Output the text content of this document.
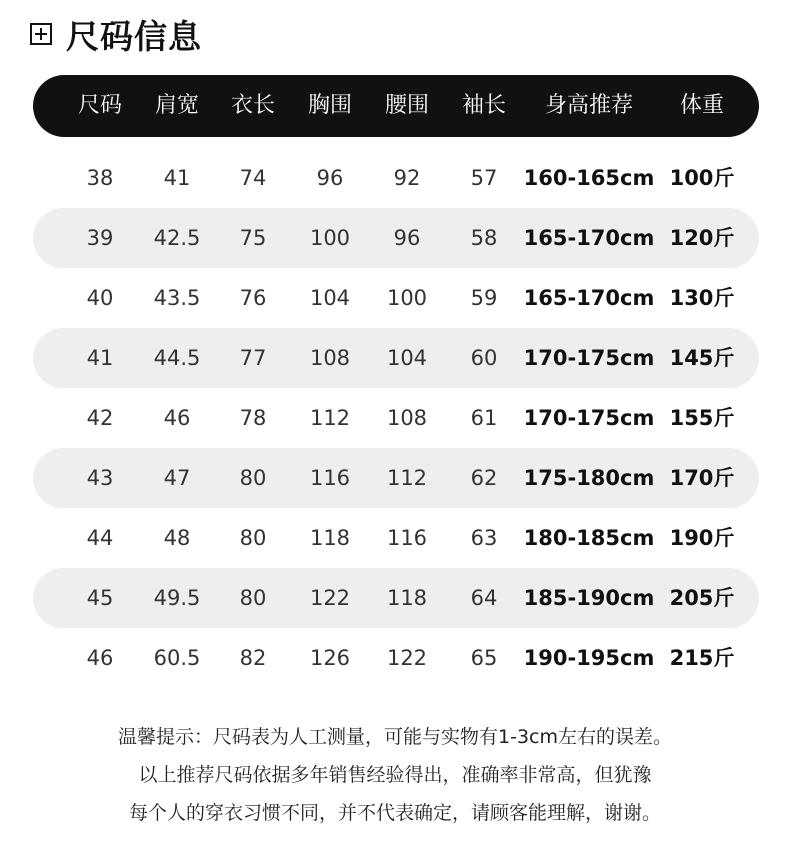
尺码信息
尺码 肩宽 衣长 胸围 腰围 袖长 身高推荐 体重
38 41 74 96 92 57 160-165cm 100斤
39 42.5 75 100 96 58 165-170cm 120斤
40 43.5 76 104 100 59 165-170cm 130斤
41 44.5 77 108 104 60 170-175cm 145斤
42 46 78 112 108 61 170-175cm 155斤
43 47 80 116 112 62 175-180cm 170斤
44 48 80 118 116 63 180-185cm 190斤
45 49.5 80 122 118 64 185-190cm 205斤
46 60.5 82 126 122 65 190-195cm 215斤
温馨提示：尺码表为人工测量，可能与实物有1-3cm左右的误差。
以上推荐尺码依据多年销售经验得出，准确率非常高，但犹豫
每个人的穿衣习惯不同，并不代表确定，请顾客能理解，谢谢。
